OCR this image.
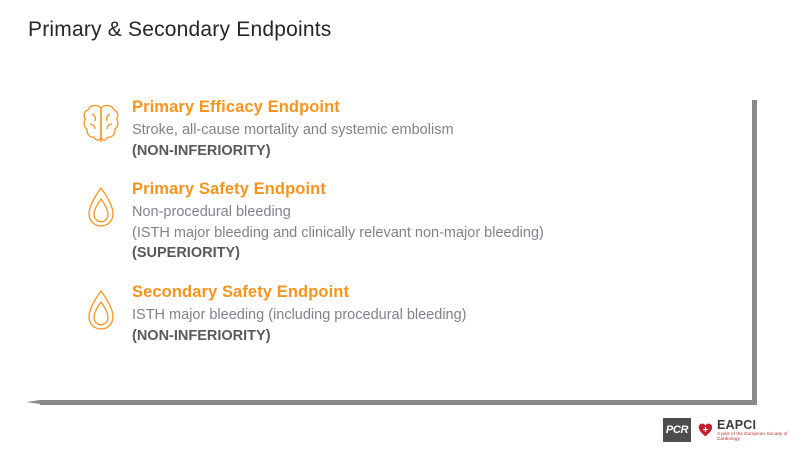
Primary & Secondary Endpoints
Primary Efficacy Endpoint
Stroke, all-cause mortality and systemic embolism
(NON-INFERIORITY)
Primary Safety Endpoint
Non-procedural bleeding
(ISTH major bleeding and clinically relevant non-major bleeding)
(SUPERIORITY)
Secondary Safety Endpoint
ISTH major bleeding (including procedural bleeding)
(NON-INFERIORITY)
PCR EAPCI
A part of the European Society of Cardiology
